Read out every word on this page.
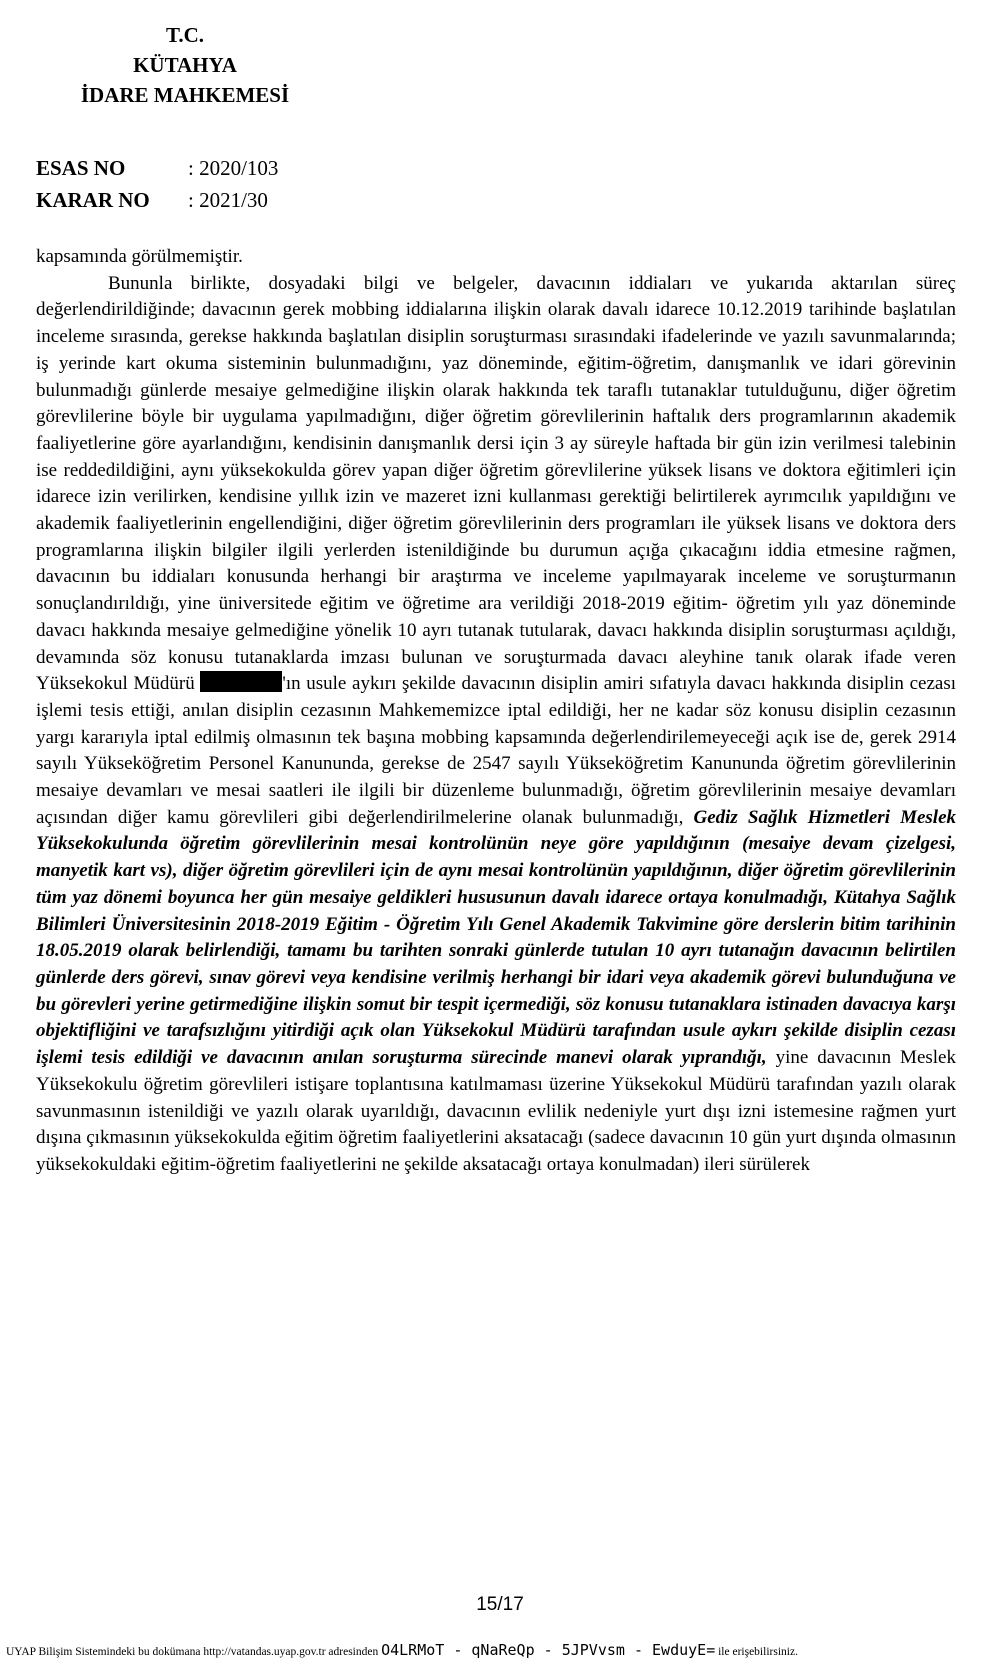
T.C.
KÜTAHYA
İDARE MAHKEMESİ
ESAS NO	: 2020/103
KARAR NO	: 2021/30

kapsamında görülmemiştir.

Bununla birlikte, dosyadaki bilgi ve belgeler, davacının iddiaları ve yukarıda aktarılan süreç değerlendirildiğinde; davacının gerek mobbing iddialarına ilişkin olarak davalı idarece 10.12.2019 tarihinde başlatılan inceleme sırasında, gerekse hakkında başlatılan disiplin soruşturması sırasındaki ifadelerinde ve yazılı savunmalarında; iş yerinde kart okuma sisteminin bulunmadığını, yaz döneminde, eğitim-öğretim, danışmanlık ve idari görevinin bulunmadığı günlerde mesaiye gelmediğine ilişkin olarak hakkında tek taraflı tutanaklar tutulduğunu, diğer öğretim görevlilerine böyle bir uygulama yapılmadığını, diğer öğretim görevlilerinin haftalık ders programlarının akademik faaliyetlerine göre ayarlandığını, kendisinin danışmanlık dersi için 3 ay süreyle haftada bir gün izin verilmesi talebinin ise reddedildiğini, aynı yüksekokulda görev yapan diğer öğretim görevlilerine yüksek lisans ve doktora eğitimleri için idarece izin verilirken, kendisine yıllık izin ve mazeret izni kullanması gerektiği belirtilerek ayrımcılık yapıldığını ve akademik faaliyetlerinin engellendiğini, diğer öğretim görevlilerinin ders programları ile yüksek lisans ve doktora ders programlarına ilişkin bilgiler ilgili yerlerden istenildiğinde bu durumun açığa çıkacağını iddia etmesine rağmen, davacının bu iddiaları konusunda herhangi bir araştırma ve inceleme yapılmayarak inceleme ve soruşturmanın sonuçlandırıldığı, yine üniversitede eğitim ve öğretime ara verildiği 2018-2019 eğitim- öğretim yılı yaz döneminde davacı hakkında mesaiye gelmediğine yönelik 10 ayrı tutanak tutularak, davacı hakkında disiplin soruşturması açıldığı, devamında söz konusu tutanaklarda imzası bulunan ve soruşturmada davacı aleyhine tanık olarak ifade veren Yüksekokul Müdürü	'ın usule aykırı şekilde davacının disiplin amiri sıfatıyla davacı hakkında disiplin cezası işlemi tesis ettiği, anılan disiplin cezasının Mahkememizce iptal edildiği, her ne kadar söz konusu disiplin cezasının yargı kararıyla iptal edilmiş olmasının tek başına mobbing kapsamında değerlendirilemeyeceği açık ise de, gerek 2914 sayılı Yükseköğretim Personel Kanununda, gerekse de 2547 sayılı Yükseköğretim Kanununda öğretim görevlilerinin mesaiye devamları ve mesai saatleri ile ilgili bir düzenleme bulunmadığı, öğretim görevlilerinin mesaiye devamları açısından diğer kamu görevlileri gibi değerlendirilmelerine olanak bulunmadığı, Gediz Sağlık Hizmetleri Meslek Yüksekokulunda öğretim görevlilerinin mesai kontrolünün neye göre yapıldığının (mesaiye devam çizelgesi, manyetik kart vs), diğer öğretim görevlileri için de aynı mesai kontrolünün yapıldığının, diğer öğretim görevlilerinin tüm yaz dönemi boyunca her gün mesaiye geldikleri hususunun davalı idarece ortaya konulmadığı, Kütahya Sağlık Bilimleri Üniversitesinin 2018-2019 Eğitim - Öğretim Yılı Genel Akademik Takvimine göre derslerin bitim tarihinin 18.05.2019 olarak belirlendiği, tamamı bu tarihten sonraki günlerde tutulan 10 ayrı tutanağın davacının belirtilen günlerde ders görevi, sınav görevi veya kendisine verilmiş herhangi bir idari veya akademik görevi bulunduğuna ve bu görevleri yerine getirmediğine ilişkin somut bir tespit içermediği, söz konusu tutanaklara istinaden davacıya karşı objektifliğini ve tarafsızlığını yitirdiği açık olan Yüksekokul Müdürü tarafından usule aykırı şekilde disiplin cezası işlemi tesis edildiği ve davacının anılan soruşturma sürecinde manevi olarak yıprandığı, yine davacının Meslek Yüksekokulu öğretim görevlileri istişare toplantısına katılmaması üzerine Yüksekokul Müdürü tarafından yazılı olarak savunmasının istenildiği ve yazılı olarak uyarıldığı, davacının evlilik nedeniyle yurt dışı izni istemesine rağmen yurt dışına çıkmasının yüksekokulda eğitim öğretim faaliyetlerini aksatacağı (sadece davacının 10 gün yurt dışında olmasının yüksekokuldaki eğitim-öğretim faaliyetlerini ne şekilde aksatacağı ortaya konulmadan) ileri sürülerek

15/17
UYAP Bilişim Sistemindeki bu dokümana http://vatandas.uyap.gov.tr adresinden O4LRMoT - qNaReQp - 5JPVvsm - EwduyE= ile erişebilirsiniz.
